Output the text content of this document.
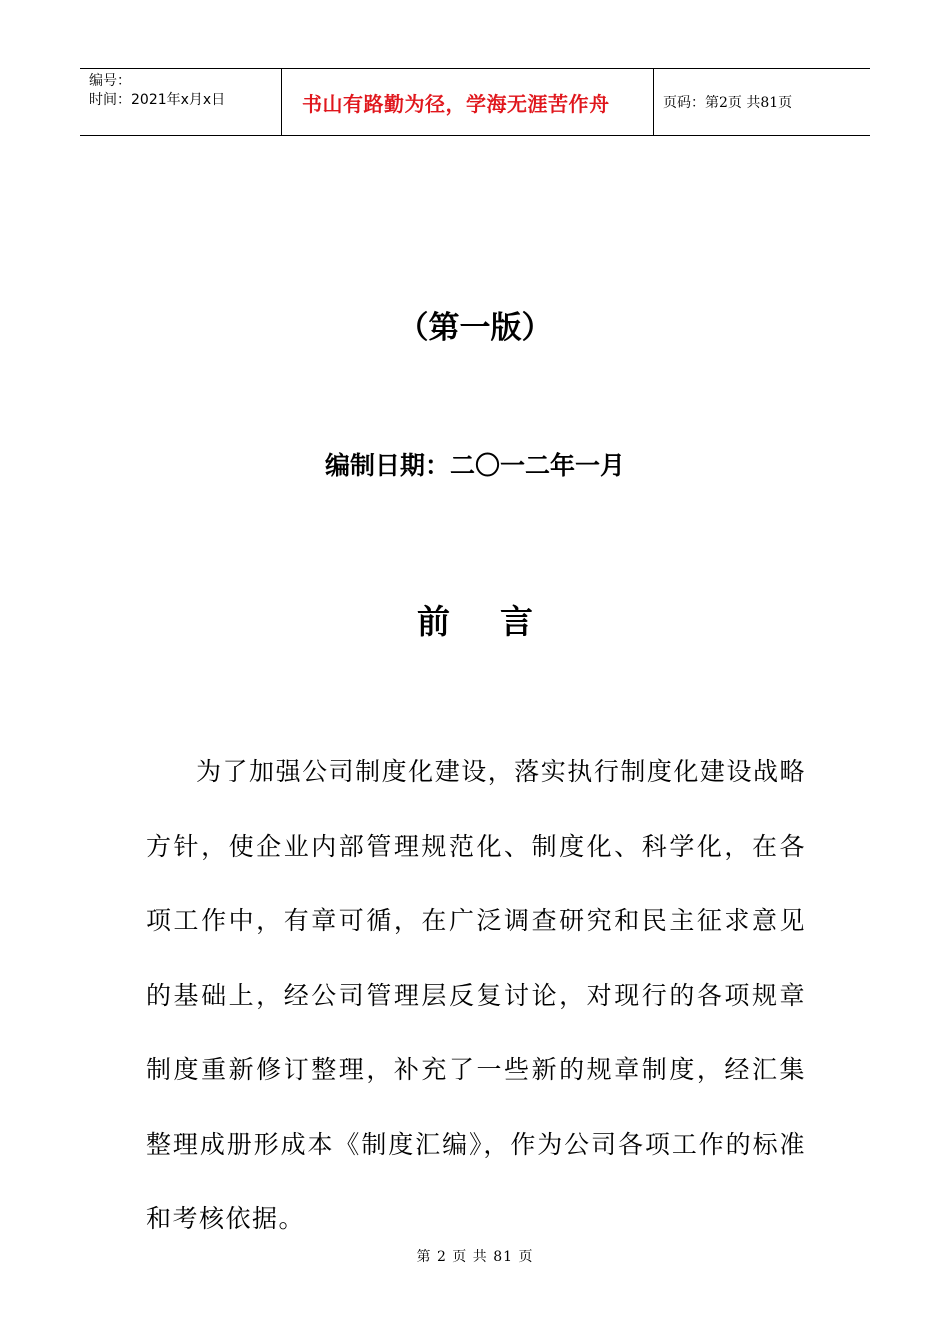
编号：
时间：2021年x月x日	书山有路勤为径，学海无涯苦作舟	页码：第2页 共81页
（第一版）
编制日期：二〇一二年一月
前言

为了加强公司制度化建设，落实执行制度化建设战略方针，使企业内部管理规范化、制度化、科学化，在各项工作中，有章可循，在广泛调查研究和民主征求意见的基础上，经公司管理层反复讨论，对现行的各项规章制度重新修订整理，补充了一些新的规章制度，经汇集整理成册形成本《制度汇编》，作为公司各项工作的标准和考核依据。

第 2 页 共 81 页
